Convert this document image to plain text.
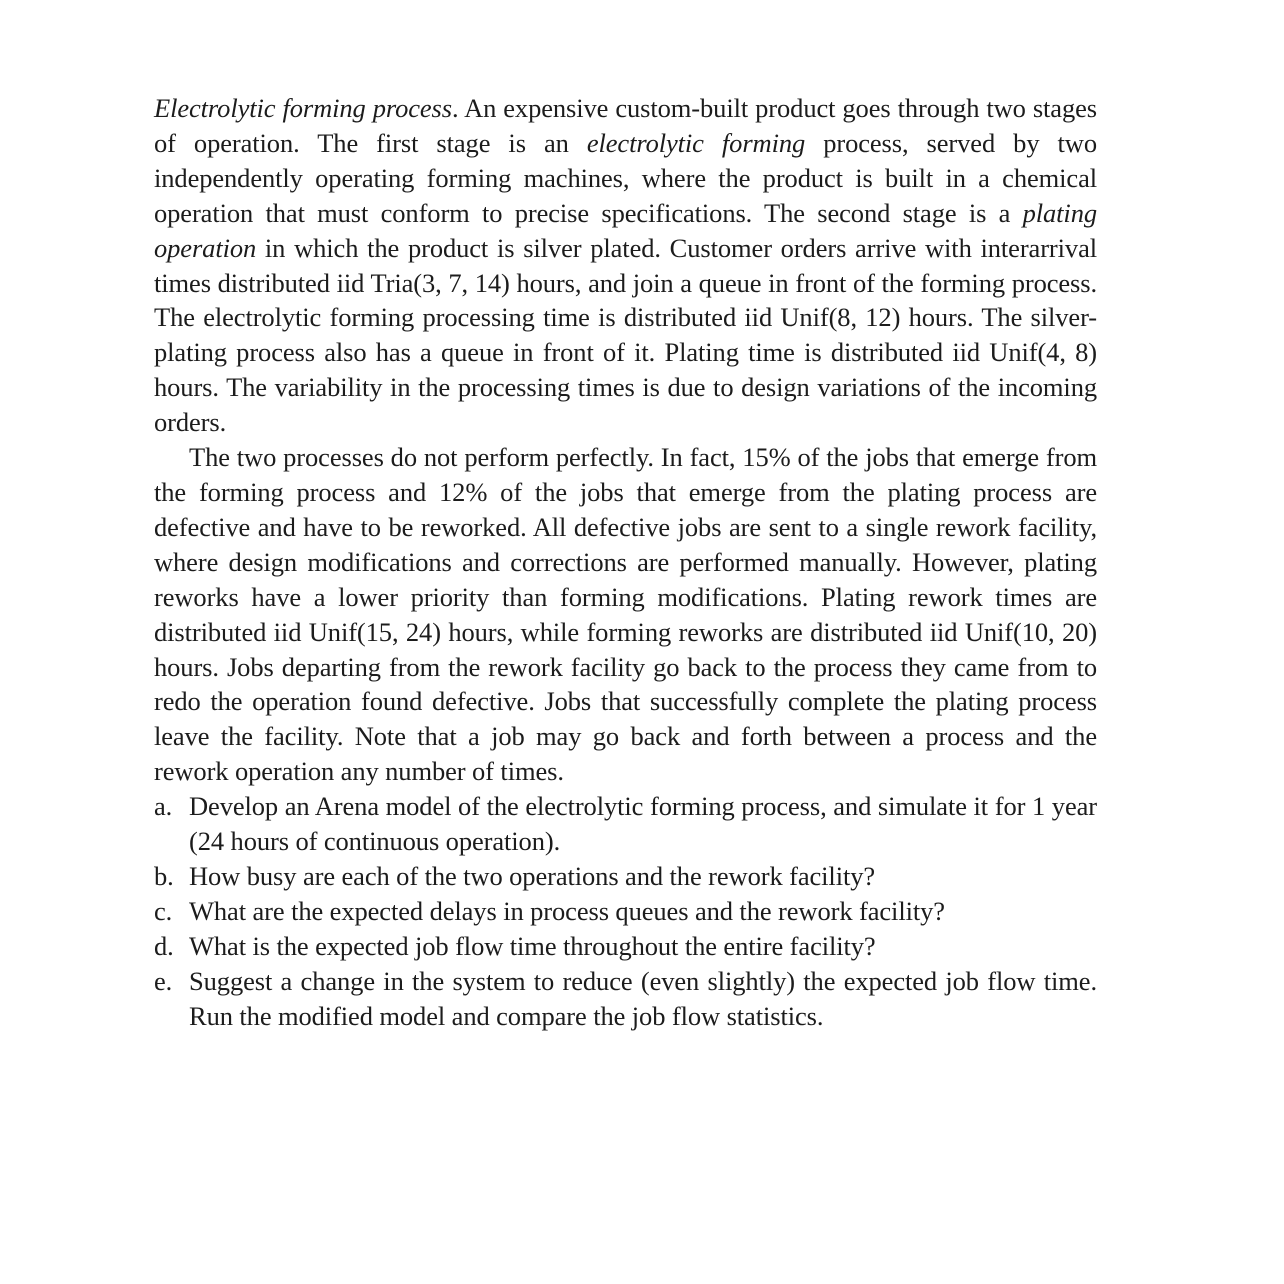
Electrolytic forming process. An expensive custom-built product goes through two stages of operation. The first stage is an electrolytic forming process, served by two independently operating forming machines, where the product is built in a chemical operation that must conform to precise specifications. The second stage is a plating operation in which the product is silver plated. Customer orders arrive with interarrival times distributed iid Tria(3, 7, 14) hours, and join a queue in front of the forming process. The electrolytic forming processing time is distributed iid Unif(8, 12) hours. The silver-plating process also has a queue in front of it. Plating time is distributed iid Unif(4, 8) hours. The variability in the processing times is due to design variations of the incoming orders.

The two processes do not perform perfectly. In fact, 15% of the jobs that emerge from the forming process and 12% of the jobs that emerge from the plating process are defective and have to be reworked. All defective jobs are sent to a single rework facility, where design modifications and corrections are performed manually. However, plating reworks have a lower priority than forming modifications. Plating rework times are distributed iid Unif(15, 24) hours, while forming reworks are distributed iid Unif(10, 20) hours. Jobs departing from the rework facility go back to the process they came from to redo the operation found defective. Jobs that successfully complete the plating process leave the facility. Note that a job may go back and forth between a process and the rework operation any number of times.

a. Develop an Arena model of the electrolytic forming process, and simulate it for 1 year (24 hours of continuous operation).
b. How busy are each of the two operations and the rework facility?
c. What are the expected delays in process queues and the rework facility?
d. What is the expected job flow time throughout the entire facility?
e. Suggest a change in the system to reduce (even slightly) the expected job flow time. Run the modified model and compare the job flow statistics.
